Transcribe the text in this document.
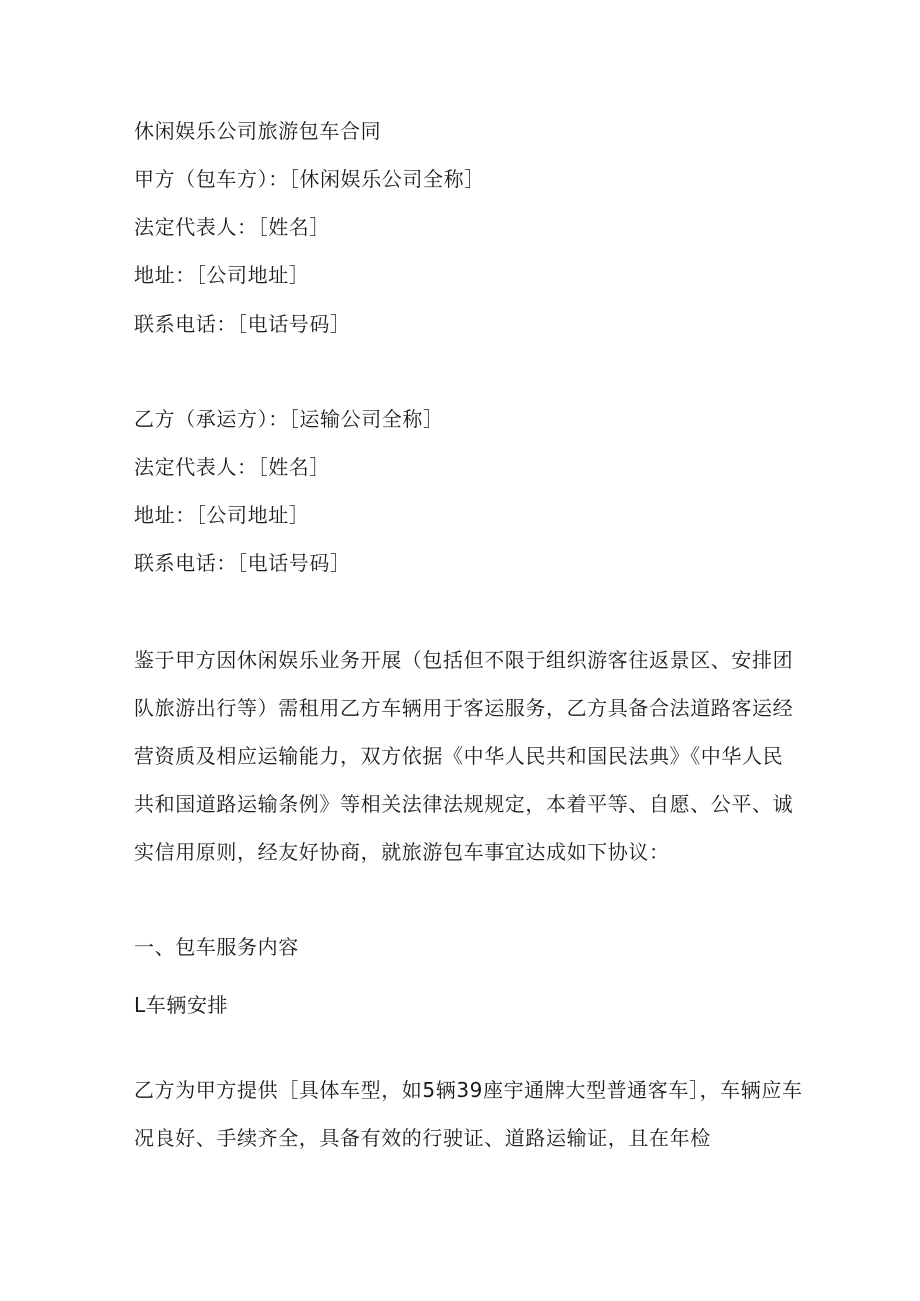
休闲娱乐公司旅游包车合同

甲方（包车方）：［休闲娱乐公司全称］

法定代表人：［姓名］

地址：［公司地址］

联系电话：［电话号码］

乙方（承运方）：［运输公司全称］

法定代表人：［姓名］

地址：［公司地址］

联系电话：［电话号码］

鉴于甲方因休闲娱乐业务开展（包括但不限于组织游客往返景区、安排团
队旅游出行等）需租用乙方车辆用于客运服务，乙方具备合法道路客运经
营资质及相应运输能力，双方依据《中华人民共和国民法典》《中华人民
共和国道路运输条例》等相关法律法规规定，本着平等、自愿、公平、诚
实信用原则，经友好协商，就旅游包车事宜达成如下协议：

一、包车服务内容

L车辆安排

乙方为甲方提供［具体车型，如5辆39座宇通牌大型普通客车］，车辆应车
况良好、手续齐全，具备有效的行驶证、道路运输证，且在年检
